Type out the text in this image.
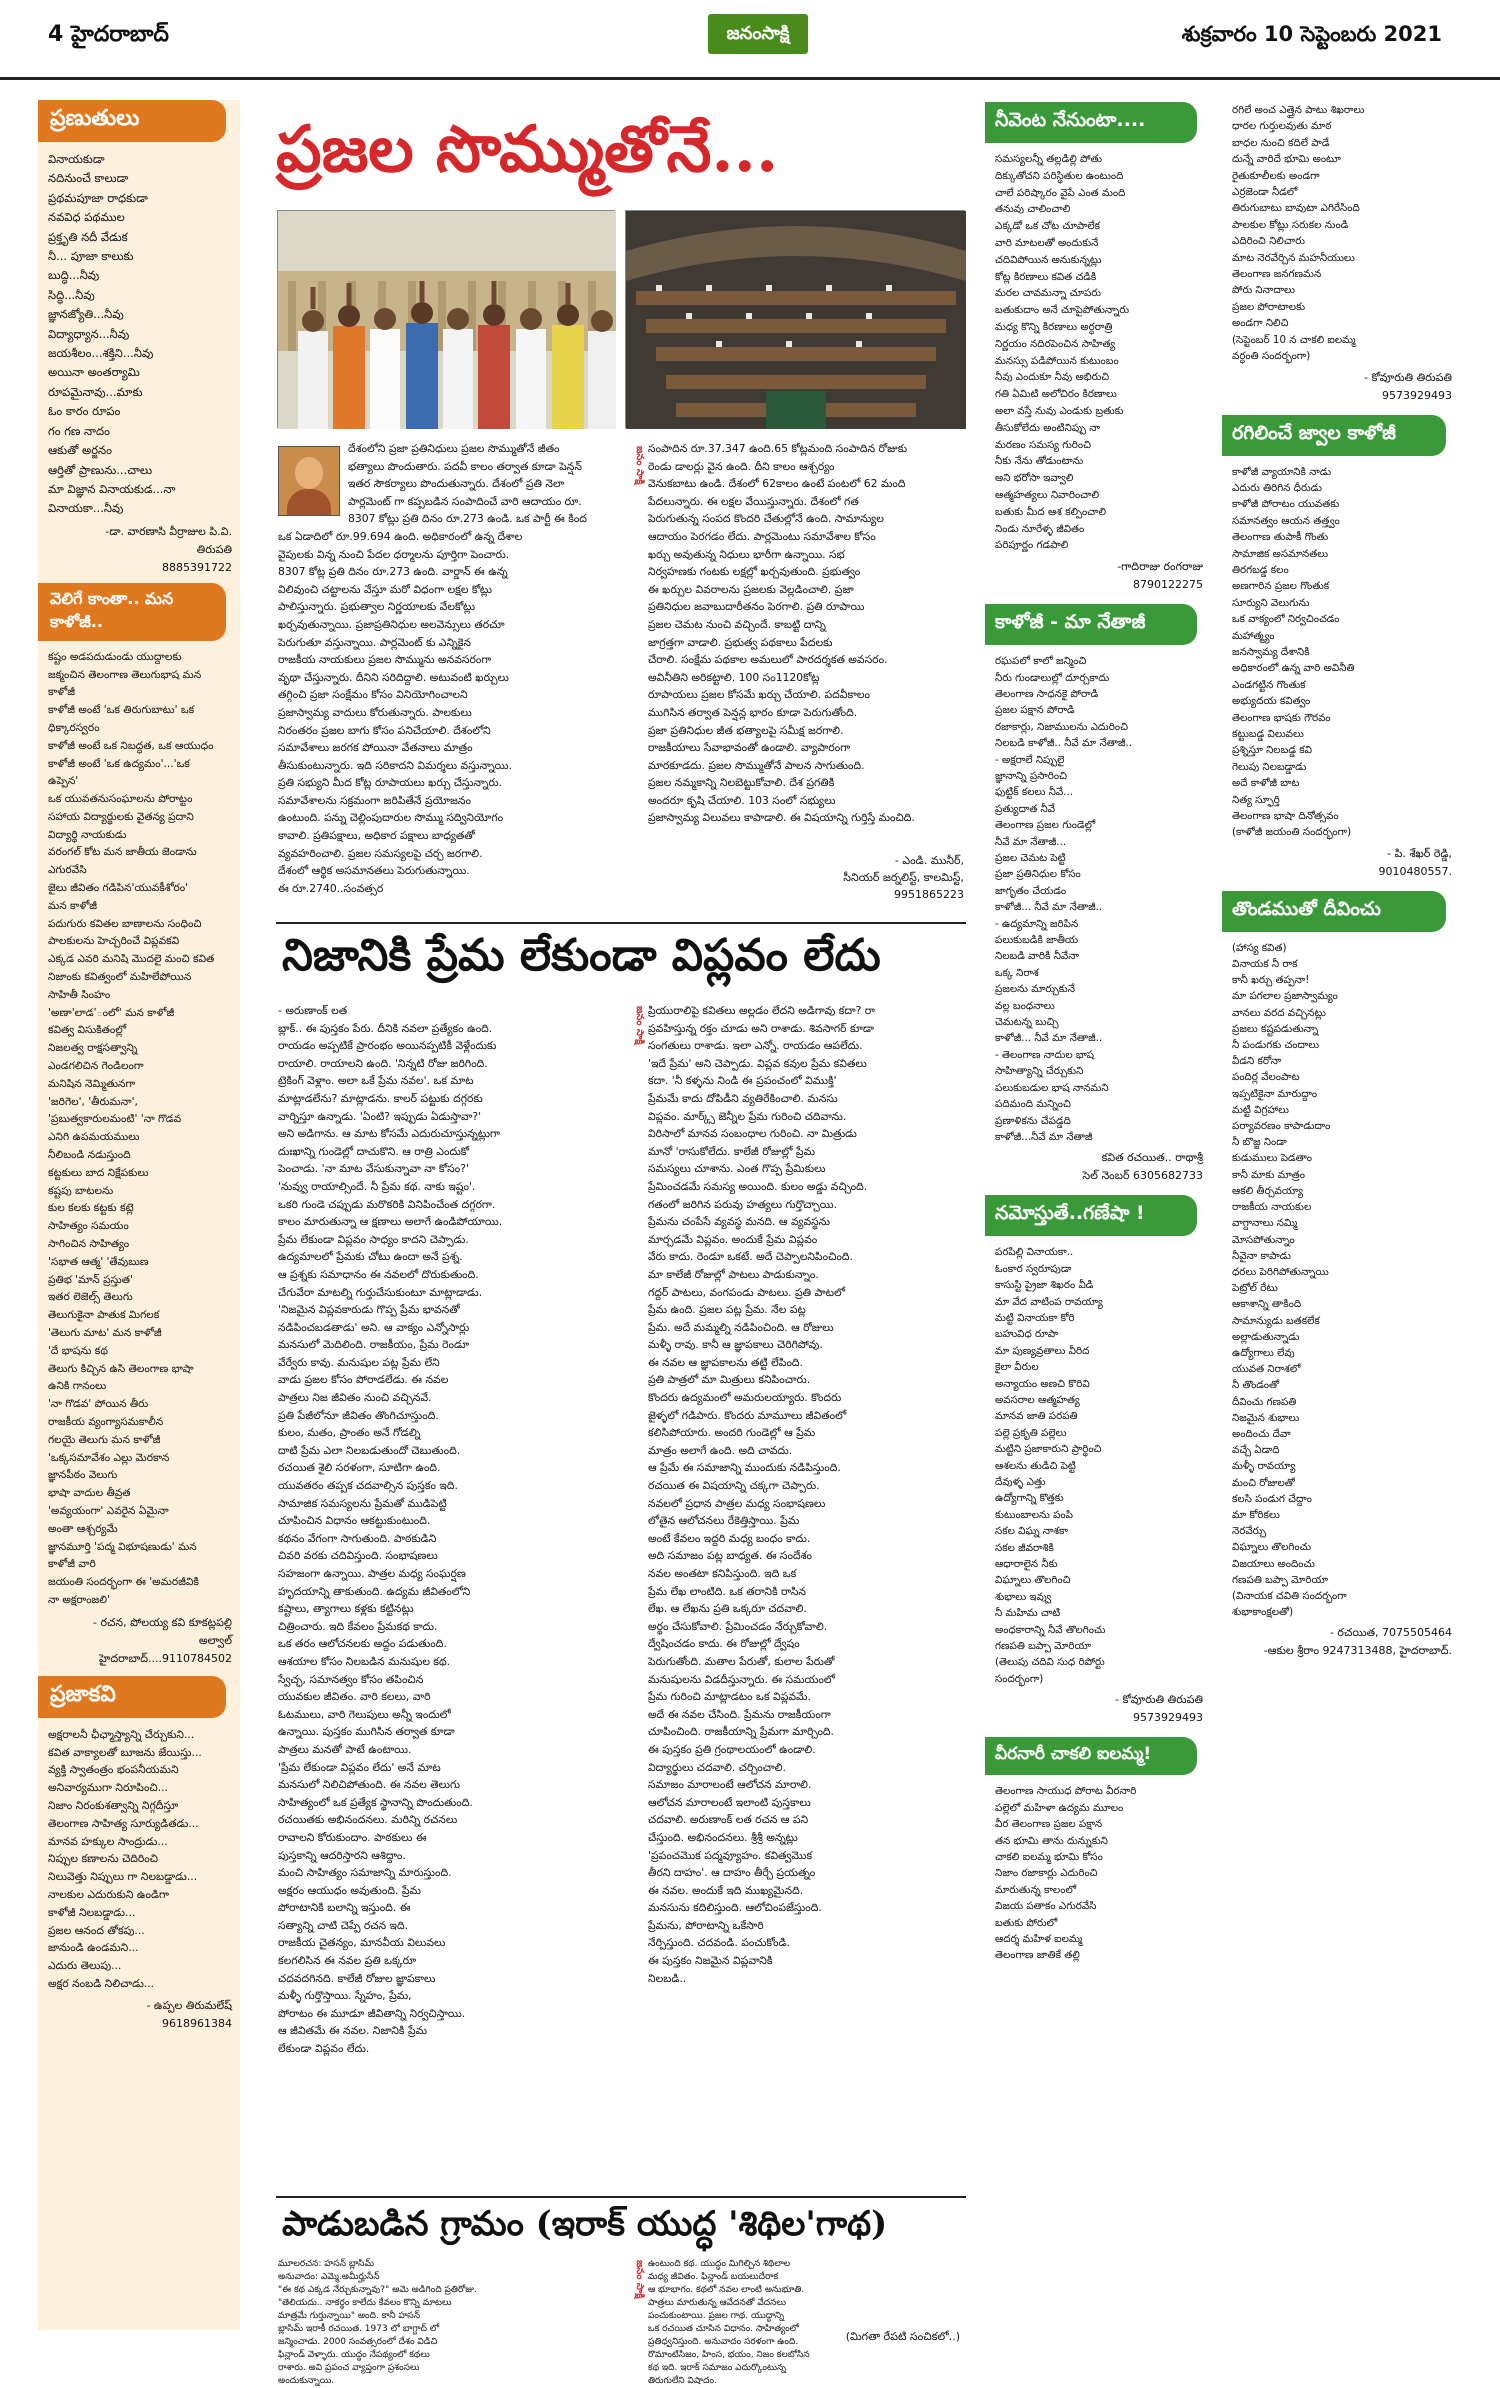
4 హైదరాబాద్	జనంసాక్షి	శుక్రవారం 10 సెప్టెంబరు 2021
ప్రణుతులు
వినాయకుడా
నదినుంచే కాలుడా
ప్రథమపూజా రాధకుడా
నవవిధ పథముల
ప్రక్తృతి నదీ వేడుక
నీ... పూజా కాలుకు
బుద్ధి...నీవు
సిద్ధి...నీవు
జ్ఞానజ్యోతి...నీవు
విద్యాధ్యాన...నీవు
జయశీలం...శక్తిని...నీవు
అయినా అంతర్యామి
రూపమైనావు...మాకు
ఓం కారం రూపం
గం గణ నాదం
ఆకుతో అర్జనం
ఆర్తితో ప్రాణును...చాలు
మా విజ్ఞాన వినాయకుడ...నా
వినాయకా...నీవు
-డా. వారణాసి వీర్రాజుల పి.వి.
తిరుపతి
8885391722
వెలిగే కాంతా.. మన కాళోజీ..
కష్టం అడపదుడుండు యుద్దాలకు
జక్మంచిన తెలంగాణ తెలుగుభాష మన
కాళోజీ
కాళోజీ అంటే 'ఒక తిరుగుబాటు' ఒక
ధిక్కారస్వరం
కాళోజీ అంటే ఒక నిబద్ధత, ఒక ఆయుధం
కాళోజీ అంటే 'ఒక ఉద్యమం'...'ఒక
ఉప్పెన'
ఒక యువతనుసంఘాలను పోరాట్టం
సహాయ విద్యార్థులకు వైతన్య ప్రదాని
విద్యార్థి నాయకుడు
వరంగల్ కోట మన జాతీయ జెండాను
ఎగురవేసి
జైలు జీవితం గడిపిన'యువకీశోరం'
మన కాళోజీ
పదుగురు కవితల బాణాలను సంధించి
పాలకులను హెచ్చరించే విప్లవకవి
ఎక్కడ ఎవరి మనిషి మొదలై మంచి కవిత
నిజాంకు కవిత్వంలో మహిలేపోయిన
సాహితీ సింహం
'అణా'లాడ'ంలో' మన కాళోజీ
కవిత్వ విసుకితంల్లో
నిజలత్వ రాక్షసత్వాన్ని
ఎండగలిచిన గెండిలంగా
మనిషిన నెమ్మితునగా
'జరిగెల', 'తీరుమనా',
'ప్రబుత్వకారులమంటి' 'నా గొడవ
ఎనిగి ఉపమయములు
నీలిబండి నడుస్తుంది
కట్టకులు బాద నిక్షేపకులు
కష్టపు బాటలను
కుల కలకు కట్టకు కట్లె
సాహిత్యం సమయం
సాగించిన సాహిత్యం
'సభాత ఆత్మ' 'తేవుబుణ
ప్రతిభ 'మాన్ ప్రస్తుత'
ఇతర లెజెల్స్ తెలుగు
తెలుగుకైనా పాతుక మిగలక
'తెలుగు మాట' మన కాళోజీ
'దే భాషను కథ
తెలుగు కిచ్చిన ఉసి తెలంగాణ భాషా
ఉనికి గానంలు
'నా గొడవ' పోయిన తీరు
రాజకీయ వ్యంగ్యాసమకాలీన
గలయై తెలుగు మన కాళోజీ
'ఒక్కసమావేశం ఎల్లు మెరకాన
జ్ఞానపీఠం వెలుగు
భాషా వాదుల తీవ్రత
'అవ్యయంగా' ఎవరైన ఏమైనా
అంతా ఆశ్చర్యమే
జ్ఞానమూర్తి 'పద్మ విభూషణుడు' మన
కాళోజీ వారి
జయంతి సందర్భంగా ఈ 'అమరజీవికి
నా అక్షరాంజలి'
- రచన, పోలయ్య కవి కూకట్లపల్లి
అల్వాల్
హైదరాబాద్....9110784502
ప్రజాకవి
అక్షరాలనీ ఛీఛ్మాస్త్యాన్ని చేర్చుకుని...
కవిత వాక్యాలతో బూజను జేయిస్తు...
వ్యక్తి స్వాతంత్రం భంపనీయమని
అనివార్యముగా నిరూపించి...
నిజాం నిరంకుశత్వాన్ని నిగ్గదీస్తూ
తెలంగాణ సాహిత్య సూర్యుడితడు...
మానవ హక్కుల సాంద్రుడు...
నిప్పుల కణాలను చెదిరించి
నిలువెత్తు నిప్పులు గా నిలబడ్డాడు...
నాలకుల ఎదురుకుని ఉండిగా
కాళోజీ నిలబడ్డాడు...
ప్రజల ఆనంద తోకపు...
జానుండి ఉండమని...
ఎదురు తెలుపు...
అక్షర నంబడి నిలిచాడు...
- ఉప్పల తిరుమలేష్
9618961384
ప్రజల సొమ్ముతోనే...
దేశంలోని ప్రజా ప్రతినిధులు ప్రజల సొమ్ముతోనే జీతం
భత్యాలు పొందుతారు. పదవీ కాలం తర్వాత కూడా పెన్షన్
ఇతర సౌకర్యాలు పొందుతున్నారు. దేశంలో ప్రతి నెలా
పార్లమెంట్ గా కప్పబడిన సంపాదించే వారి ఆదాయం రూ.
8307 కోట్లు ప్రతి దినం రూ.273 ఉండి. ఒక పార్టీ ఈ కింద
ఒక ఏడాదిలో రూ.99.694 ఉంది. అధికారంలో ఉన్న దేశాల
వైపులకు విన్న నుంచి పేదల ధర్మాలను పూర్తిగా పెంచారు.
8307 కోట్ల ప్రతి దినం రూ.273 ఉంది. వార్డాన్ ఈ ఉన్న
విలివుంచి చట్టాలను వేస్తూ మరో విధంగా లక్షల కోట్లు
పాలిస్తున్నారు. ప్రభుత్వాల నిర్ణయాలకు వేలకోట్లు
ఖర్చవుతున్నాయి. ప్రజాప్రతినిధుల అలవెన్సులు తరచూ
పెరుగుతూ వస్తున్నాయి. పార్లమెంట్ కు ఎన్నికైన
రాజకీయ నాయకులు ప్రజల సొమ్మును అనవసరంగా
వృథా చేస్తున్నారు. దీనిని సరిదిద్దాలి. అటువంటి ఖర్చులు
తగ్గించి ప్రజా సంక్షేమం కోసం వినియోగించాలని
ప్రజాస్వామ్య వాదులు కోరుతున్నారు. పాలకులు
నిరంతరం ప్రజల బాగు కోసం పనిచేయాలి. దేశంలోని
సమావేశాలు జరగక పోయినా వేతనాలు మాత్రం
తీసుకుంటున్నారు. ఇది సరికాదని విమర్శలు వస్తున్నాయి.
ప్రతి సభ్యుని మీద కోట్ల రూపాయలు ఖర్చు చేస్తున్నారు.
సమావేశాలను సక్రమంగా జరిపితేనే ప్రయోజనం
ఉంటుంది. పన్ను చెల్లింపుదారుల సొమ్ము సద్వినియోగం
కావాలి. ప్రతిపక్షాలు, అధికార పక్షాలు బాధ్యతతో
వ్యవహరించాలి. ప్రజల సమస్యలపై చర్చ జరగాలి.
దేశంలో ఆర్థిక అసమానతలు పెరుగుతున్నాయి.
ఈ రూ.2740..సంవత్సర
జనం సాక్షి సంపాదిన రూ.37.347 ఉంది.65 కోట్లమంది సంపాదిన రోజుకు
రెండు డాలర్లు వైన ఉంది. దీని కాలం ఆశ్చర్యం
వెనుకబాటు ఉండి. దేశంలో 62కాలం ఉంటే పంటలో 62 మంది
పేదలున్నారు. ఈ లక్షల వేయిస్తున్నారు. దేశంలో గత
పెరుగుతున్న సంపద కొందరి చేతుల్లోనే ఉంది. సామాన్యుల
ఆదాయం పెరగడం లేదు. పార్లమెంటు సమావేశాల కోసం
ఖర్చు అవుతున్న నిధులు భారీగా ఉన్నాయి. సభ
నిర్వహణకు గంటకు లక్షల్లో ఖర్చవుతుంది. ప్రభుత్వం
ఈ ఖర్చుల వివరాలను ప్రజలకు వెల్లడించాలి. ప్రజా
ప్రతినిధుల జవాబుదారీతనం పెరగాలి. ప్రతి రూపాయి
ప్రజల చెమట నుంచి వచ్చిందే. కాబట్టి దాన్ని
జాగ్రత్తగా వాడాలి. ప్రభుత్వ పథకాలు పేదలకు
చేరాలి. సంక్షేమ పథకాల అమలులో పారదర్శకత అవసరం.
అవినీతిని అరికట్టాలి. 100 సం1120కోట్ల
రూపాయలు ప్రజల కోసమే ఖర్చు చేయాలి. పదవీకాలం
ముగిసిన తర్వాత పెన్షన్ల భారం కూడా పెరుగుతోంది.
ప్రజా ప్రతినిధుల జీత భత్యాలపై సమీక్ష జరగాలి.
రాజకీయాలు సేవాభావంతో ఉండాలి. వ్యాపారంగా
మారకూడదు. ప్రజల సొమ్ముతోనే పాలన సాగుతుంది.
ప్రజల నమ్మకాన్ని నిలబెట్టుకోవాలి. దేశ ప్రగతికి
అందరూ కృషి చేయాలి. 103 సంలో సభ్యులు
ప్రజాస్వామ్య విలువలు కాపాడాలి. ఈ విషయాన్ని గుర్తిస్తే మంచిది.
- ఎండి. మునీర్,
సీనియర్ జర్నలిస్ట్, కాలమిస్ట్,
9951865223
నిజానికి ప్రేమ లేకుండా విప్లవం లేదు
- అరుణాంక్ లత
బ్లాక్.. ఈ పుస్తకం పేరు. దీనికి నవలా ప్రత్యేకం ఉంది.
రాయడం అప్పటికే ప్రారంభం అయినప్పటికీ వెళ్లేందుకు
రాయాలి. రాయాలని ఉంది. 'నిన్నటి రోజు జరిగింది.
ట్రెకింగ్ వెళ్లాం. అలా ఒకే ప్రేమ నవల'. ఒక మాట
మాట్లాడలేను? మాట్లాడను. కాలర్ పట్టుకు దగ్గరకు
వార్నిస్తూ ఉన్నాడు. 'ఏంటి? ఇప్పుడు ఏడుస్తావా?'
అని అడిగాను. ఆ మాట కోసమే ఎదురుచూస్తున్నట్లుగా
దుఃఖాన్ని గుండెల్లో దాచుకొని. ఆ రాత్రి ఎందుకో
పెంచాడు. 'నా మాట వేసుకున్నావా నా కోసం?'
'నువ్వు రాయాల్సిందే. నీ ప్రేమ కథ. నాకు ఇష్టం'.
ఒకరి గుండె చప్పుడు మరొకరికి వినిపించేంత దగ్గరగా.
కాలం మారుతున్నా ఆ క్షణాలు అలాగే ఉండిపోయాయి.
ప్రేమ లేకుండా విప్లవం సాధ్యం కాదని చెప్పాడు.
ఉద్యమాలలో ప్రేమకు చోటు ఉందా అనే ప్రశ్న.
ఆ ప్రశ్నకు సమాధానం ఈ నవలలో దొరుకుతుంది.
చేగువేరా మాటల్ని గుర్తుచేసుకుంటూ మాట్లాడాడు.
'నిజమైన విప్లవకారుడు గొప్ప ప్రేమ భావనతో
నడిపించబడతాడు' అని. ఆ వాక్యం ఎన్నోసార్లు
మనసులో మెదిలింది. రాజకీయం, ప్రేమ రెండూ
వేర్వేరు కావు. మనుషుల పట్ల ప్రేమ లేని
వాడు ప్రజల కోసం పోరాడలేడు. ఈ నవల
పాత్రలు నిజ జీవితం నుంచి వచ్చినవే.
ప్రతి పేజీలోనూ జీవితం తొంగిచూస్తుంది.
కులం, మతం, ప్రాంతం అనే గోడల్ని
దాటి ప్రేమ ఎలా నిలబడుతుందో చెబుతుంది.
రచయిత శైలి సరళంగా, సూటిగా ఉంది.
యువతరం తప్పక చదవాల్సిన పుస్తకం ఇది.
సామాజిక సమస్యలను ప్రేమతో ముడిపెట్టి
చూపించిన విధానం ఆకట్టుకుంటుంది.
కథనం వేగంగా సాగుతుంది. పాఠకుడిని
చివరి వరకు చదివిస్తుంది. సంభాషణలు
సహజంగా ఉన్నాయి. పాత్రల మధ్య సంఘర్షణ
హృదయాన్ని తాకుతుంది. ఉద్యమ జీవితంలోని
కష్టాలు, త్యాగాలు కళ్లకు కట్టినట్లు
చిత్రించారు. ఇది కేవలం ప్రేమకథ కాదు.
ఒక తరం ఆలోచనలకు అద్దం పడుతుంది.
ఆశయాల కోసం నిలబడిన మనుషుల కథ.
స్వేచ్ఛ, సమానత్వం కోసం తపించిన
యువకుల జీవితం. వారి కలలు, వారి
ఓటములు, వారి గెలుపులు అన్నీ ఇందులో
ఉన్నాయి. పుస్తకం ముగిసిన తర్వాత కూడా
పాత్రలు మనతో పాటే ఉంటాయి.
'ప్రేమ లేకుండా విప్లవం లేదు' అనే మాట
మనసులో నిలిచిపోతుంది. ఈ నవల తెలుగు
సాహిత్యంలో ఒక ప్రత్యేక స్థానాన్ని పొందుతుంది.
రచయితకు అభినందనలు. మరిన్ని రచనలు
రావాలని కోరుకుందాం. పాఠకులు ఈ
పుస్తకాన్ని ఆదరిస్తారని ఆశిద్దాం.
మంచి సాహిత్యం సమాజాన్ని మారుస్తుంది.
అక్షరం ఆయుధం అవుతుంది. ప్రేమ
పోరాటానికి బలాన్ని ఇస్తుంది. ఈ
సత్యాన్ని చాటి చెప్పే రచన ఇది.
రాజకీయ చైతన్యం, మానవీయ విలువలు
కలగలిసిన ఈ నవల ప్రతి ఒక్కరూ
చదవదగినది. కాలేజీ రోజుల జ్ఞాపకాలు
మళ్ళీ గుర్తొస్తాయి. స్నేహం, ప్రేమ,
పోరాటం ఈ మూడూ జీవితాన్ని నిర్వచిస్తాయి.
ఆ జీవితమే ఈ నవల. నిజానికి ప్రేమ
లేకుండా విప్లవం లేదు.
జనం సాక్షి ప్రియురాలిపై కవితలు అల్లడం లేదని అడిగావు కదా? రా
ప్రవహిస్తున్న రక్తం చూడు అని రాశాడు. శివసాగర్ కూడా
సంగతులు రాశాడు. ఇలా ఎన్నో. రాయడం ఆపలేదు.
'ఇదే ప్రేమ' అని చెప్పాడు. విప్లవ కవుల ప్రేమ కవితలు
కదా. 'నీ కళ్ళను నిండి ఈ ప్రపంచంలో విముక్తి'
ప్రేమమే కాదు దోపిడీని వ్యతిరేకించాలి. మనసు
విప్లవం. మార్క్స్ జెన్నీల ప్రేమ గురించి చదివాను.
విరిసాలో మానవ సంబంధాల గురించి. నా మిత్రుడు
మానో 'రాసుకోలేదు. కాలేజీ రోజుల్లో ప్రేమ
సమస్యలు చూశాను. ఎంత గొప్ప ప్రేమికులు
ప్రేమించడమే సమస్య అయింది. కులం అడ్డు వచ్చింది.
గతంలో జరిగిన పరువు హత్యలు గుర్తొచ్చాయి.
ప్రేమను చంపేసే వ్యవస్థ మనది. ఆ వ్యవస్థను
మార్చడమే విప్లవం. అందుకే ప్రేమ విప్లవం
వేరు కాదు. రెండూ ఒకటే. అదే చెప్పాలనిపించింది.
మా కాలేజీ రోజుల్లో పాటలు పాడుకున్నాం.
గద్దర్ పాటలు, వంగపండు పాటలు. ప్రతి పాటలో
ప్రేమ ఉంది. ప్రజల పట్ల ప్రేమ. నేల పట్ల
ప్రేమ. అదే మమ్మల్ని నడిపించింది. ఆ రోజులు
మళ్ళీ రావు. కానీ ఆ జ్ఞాపకాలు చెరిగిపోవు.
ఈ నవల ఆ జ్ఞాపకాలను తట్టి లేపింది.
ప్రతి పాత్రలో మా మిత్రులు కనిపించారు.
కొందరు ఉద్యమంలో అమరులయ్యారు. కొందరు
జైళ్ళలో గడిపారు. కొందరు మామూలు జీవితంలో
కలిసిపోయారు. అందరి గుండెల్లో ఆ ప్రేమ
మాత్రం అలాగే ఉంది. అది చావదు.
ఆ ప్రేమే ఈ సమాజాన్ని ముందుకు నడిపిస్తుంది.
రచయిత ఈ విషయాన్ని చక్కగా చెప్పారు.
నవలలో ప్రధాన పాత్రల మధ్య సంభాషణలు
లోతైన ఆలోచనలు రేకెత్తిస్తాయి. ప్రేమ
అంటే కేవలం ఇద్దరి మధ్య బంధం కాదు.
అది సమాజం పట్ల బాధ్యత. ఈ సందేశం
నవల అంతటా కనిపిస్తుంది. ఇది ఒక
ప్రేమ లేఖ లాంటిది. ఒక తరానికి రాసిన
లేఖ. ఆ లేఖను ప్రతి ఒక్కరూ చదవాలి.
అర్థం చేసుకోవాలి. ప్రేమించడం నేర్చుకోవాలి.
ద్వేషించడం కాదు. ఈ రోజుల్లో ద్వేషం
పెరుగుతోంది. మతాల పేరుతో, కులాల పేరుతో
మనుషులను విడదీస్తున్నారు. ఈ సమయంలో
ప్రేమ గురించి మాట్లాడటం ఒక విప్లవమే.
అదే ఈ నవల చేసింది. ప్రేమను రాజకీయంగా
చూపించింది. రాజకీయాన్ని ప్రేమగా మార్చింది.
ఈ పుస్తకం ప్రతి గ్రంథాలయంలో ఉండాలి.
విద్యార్థులు చదవాలి. చర్చించాలి.
సమాజం మారాలంటే ఆలోచన మారాలి.
ఆలోచన మారాలంటే ఇలాంటి పుస్తకాలు
చదవాలి. అరుణాంక్ లత రచన ఆ పని
చేస్తుంది. అభినందనలు. శ్రీశ్రీ అన్నట్లు
'ప్రపంచమొక పద్మవ్యూహం. కవిత్వమొక
తీరని దాహం'. ఆ దాహం తీర్చే ప్రయత్నం
ఈ నవల. అందుకే ఇది ముఖ్యమైనది.
మనసును కదిలిస్తుంది. ఆలోచింపజేస్తుంది.
ప్రేమను, పోరాటాన్ని ఒకేసారి
నేర్పిస్తుంది. చదవండి. పంచుకోండి.
ఈ పుస్తకం నిజమైన విప్లవానికి
నిలబడి..
పాడుబడిన గ్రామం (ఇరాక్ యుద్ధ 'శిథిల'గాథ)
మూలరచన: హసన్ బ్లాసిమ్
అనువాదం: ఎమ్మె.అమీర్హుసేన్
"ఈ కథ ఎక్కడ నేర్చుకున్నావు?" అమె అడిగింది ప్రతిరోజు.
"తెలియదు.. నాకర్థం కాలేదు కేవలం కొన్ని మాటలు
మాత్రమే గుర్తున్నాయి" అంది. కానీ హసన్
బ్లాసిమ్ ఇరాకీ రచయిత. 1973 లో బాగ్దాద్ లో
జన్మించాడు. 2000 సంవత్సరంలో దేశం విడిచి
ఫిన్లాండ్ వెళ్ళారు. యుద్ధం నేపథ్యంలో కథలు
రాశారు. అవి ప్రపంచ వ్యాప్తంగా ప్రశంసలు
అందుకున్నాయి.
జనం సాక్షి ఉంటుంది కథ. యుద్ధం మిగిల్చిన శిథిలాల
మధ్య జీవితం. ఫిన్లాండ్ బయలుదేరాక
ఆ భూభాగం. కథలో నవల లాంటి అనుభూతి.
పాత్రలు మారుతున్న ఆవేదనతో వేదనలు
పంచుకుంటాయి. ప్రజల గాథ. యుద్ధాన్ని
ఒక రచయిత చూసిన విధానం. సాహిత్యంలో
ప్రతిధ్వనిస్తుంది. అనువాదం సరళంగా ఉంది.
రొమాంటిసిజం, హింస, భయం, నిజం కలబోసిన
కథ ఇది. ఇరాక్ సమాజం ఎదుర్కొంటున్న
తిరుగులేని విషాదం.
(మిగతా రేపటి సంచికలో..)
నీవెంట నేనుంటా....
సమస్యలన్నీ తల్లడిల్లి పోతు
దిక్కుతోచని పరిస్థితుల ఉంటుంది
చాలే పరిష్కారం వైపే ఎంత మంది
తనువు చాలించాలి
ఎక్కడో ఒక చోట చూపాలేక
వారి మాటలతో అందుకునే
చదివిపోయిన అనుకున్నట్లు
కోట్ల కిరణాలు కవిత చడికి
మరల చావమన్నా చూపరు
బతుకుదాం అనే చూపైపోతున్నారు
మధ్య కొన్ని కిరణాలు అర్ధరాత్రి
నిర్ణయం నదిరపెంచిన సాహిత్య
మనస్సు పడిపోయిన కుటుంబం
నీవు ఎందుకూ నీవు అభిరుచి
గతి ఏమిటి అలోచిరం కిరణాలు
అలా వస్తే నువు ఎండుకు బ్రతుకు
తీసుకోలేదు అంటినిప్పు నా
మరణం సమస్య గురించి
నీకు నేను తోడుంటాను
అని భరోసా ఇవ్వాలి
ఆత్మహత్యలు నివారించాలి
బతుకు మీద ఆశ కల్పించాలి
నిండు నూరేళ్ళ జీవితం
పరిపూర్ణం గడపాలి
-గాదిరాజు రంగరాజు
8790122275
కాళోజీ - మా నేతాజీ
రఘపలో కాలో జన్మించి
నీరు గుండాలుల్లో దూర్చకాదు
తెలంగాణ సాధనకై పోరాడి
ప్రజల పక్షాన పోరాడి
రజాకార్లు, నిజాములను ఎదురించి
నిలబడి కాళోజీ.. నీవే మా నేతాజీ..
- అక్షరాలే నిప్పులై
జ్ఞానాన్ని ప్రసారించి
ఫుట్టిక్ కలలు నీవే...
ప్రత్యుదాత నీవే
తెలంగాణ ప్రజల గుండెల్లో
నీవే మా నేతాజీ...
ప్రజల చెమట పెట్టి
ప్రజా ప్రతినిధుల కోసం
జాగృతం చేయడం
కాళోజీ... నీవే మా నేతాజీ..
- ఉద్యమాన్ని జరిపిన
పలుకుబడికి జాతీయ
నిలబడి వారికి నీవేనా
ఒక్క నిరాశ
ప్రజలను మార్చుకునే
వల్ల బంధనాలు
చెమటన్న బుచ్చి
కాళోజీ... నీవే మా నేతాజీ..
- తెలంగాణ నాదుల భాష
సాహిత్యాన్ని చేర్చుకుని
పలుకుబడుల భాష నానమని
పదిమంది మన్నించి
ప్రణాళికను చేపడ్డది
కాళోజీ...నీవే మా నేతాజీ
కవిత రచయిత.. రాథాశ్రీ
సెల్ నెంబర్ 6305682733
నమోస్తుతే..గణేషా !
పరపిల్లి వినాయకా..
ఓంకార స్వరూపుడా
కాసుస్టి ప్రైజా శిఖరం వీడి
మా వేద వాటింప రావయ్యా
మట్టి వినాయకా కోరి
బహువిధ రూపా
మా పుణ్యవ్రతాలు వీరిద
కైలా వీరుల
అన్యాయం అణచి కొరివి
అవసరాల ఆత్మహత్య
మానవ జాతి పరపతి
పల్లె ప్రకృతి పల్లెలు
మట్టిని ప్రజాకారుని ప్రార్థించి
ఆశలను తుడిచి పెట్టి
దేవుళ్ళ ఎత్తు
ఉద్యోగాన్ని కొత్తకు
కుటుంబాలను పంపి
సకల విఘ్న నాశకా
సకల జీవరాశికి
ఆధారాలైన నీకు
విఘ్నాలు తొలగించి
శుభాలు ఇవ్వు
నీ మహిమ చాటి
అంధకారాన్ని నీవే తొలగించు
గణపతి బప్పా మోరియా
(తెలుపు చదివి సుధ రిపోర్టు
సందర్భంగా)
- కోవూరుతి తిరుపతి
9573929493
వీరనారీ చాకలి ఐలమ్మ!
తెలంగాణ సాయుధ పోరాట వీరనారి
పల్లెలో మహిళా ఉద్యమ మూలం
వీర తెలంగాణ ప్రజల పక్షాన
తన భూమి తాను దున్నుకుని
చాకలి ఐలమ్మ భూమి కోసం
నిజాం రజాకార్లు ఎదురించి
మారుతున్న కాలంలో
విజయ పతాకం ఎగురవేసి
బతుకు పోరులో
ఆదర్శ మహిళ ఐలమ్మ
తెలంగాణ జాతికే తల్లి
రగిలే అంచ ఎత్తైన పాటు శిఖరాలు
ధారల గుర్తులవుతు మాఠ
బాధల నుంచి కదిలే పాడే
దున్నే వారిదే భూమి అంటూ
రైతుకూలీలకు అండగా
ఎర్రజెండా నీడలో
తిరుగుబాటు బావుటా ఎగిరేసింది
పాలకుల కోట్లు సరుకల నుండి
ఎదిరించి నిలిచారు
మాట నెరవేర్చిన మహనీయులు
తెలంగాణ జనగణమన
పోరు నినాదాలు
ప్రజల పోరాటాలకు
అండగా నిలిచి
(సెప్టెంబర్ 10 న చాకలి ఐలమ్మ
వర్ధంతి సందర్భంగా)
- కోవూరుతి తిరుపతి
9573929493
రగిలించే జ్వాల కాళోజీ
కాళోజీ వ్యాయానికి నాడు
ఎదురు తిరిగిన ధీరుడు
కాళోజీ పోరాటం యువతకు
సమానత్వం ఆయన తత్త్వం
తెలంగాణ తుపాకీ గొంతు
సామాజిక అసమానతలు
తిరగబడ్డ కలం
అణగారిన ప్రజల గొంతుక
సూర్యుని వెలుగును
ఒక వాక్యంలో నిర్వచించడం
మహాత్మ్యం
జనస్వామ్య దేశానికి
అధికారంలో ఉన్న వారి అవినీతి
ఎండగట్టిన గొంతుక
అభ్యుదయ కవిత్వం
తెలంగాణ భాషకు గౌరవం
కట్టుబడ్డ విలువలు
ప్రశ్నిస్తూ నిలబడ్డ కవి
గెలుపు నిలబడ్డాడు
అదే కాళోజీ బాట
నిత్య స్ఫూర్తి
తెలంగాణ భాషా దినోత్సవం
(కాళోజీ జయంతి సందర్భంగా)
- పి. శేఖర్ రెడ్డి,
9010480557.
తొండముతో దీవించు
(హాస్య కవిత)
వినాయక నీ రాక
కానీ ఖర్చు తప్పనా!
మా పగలాల ప్రజాస్వామ్యం
వానలు వరద వచ్చినట్లు
ప్రజలు కష్టపడుతున్నా
నీ పండుగకు చందాలు
వీడని కరోనా
పందిర్ల వేలంపాట
ఇప్పటికైనా మారుద్దాం
మట్టి విగ్రహాలు
పర్యావరణం కాపాడుదాం
నీ బొజ్జ నిండా
కుడుములు పెడతాం
కానీ మాకు మాత్రం
ఆకలి తీర్చవయ్యా
రాజకీయ నాయకుల
వాగ్దానాలు నమ్మి
మోసపోతున్నాం
నీవైనా కాపాడు
ధరలు పెరిగిపోతున్నాయి
పెట్రోల్ రేటు
ఆకాశాన్ని తాకింది
సామాన్యుడు బతకలేక
అల్లాడుతున్నాడు
ఉద్యోగాలు లేవు
యువత నిరాశలో
నీ తొండంతో
దీవించు గణపతి
నిజమైన శుభాలు
అందించు దేవా
వచ్చే ఏడాది
మళ్ళీ రావయ్యా
మంచి రోజులతో
కలసి పండుగ చేద్దాం
మా కోరికలు
నెరవేర్చు
విఘ్నాలు తొలగించు
విజయాలు అందించు
గణపతి బప్పా మోరియా
(వినాయక చవితి సందర్భంగా
శుభాకాంక్షలతో)
- రచయిత, 7075505464
-ఆకుల శ్రీరాం 9247313488, హైదరాబాద్.
